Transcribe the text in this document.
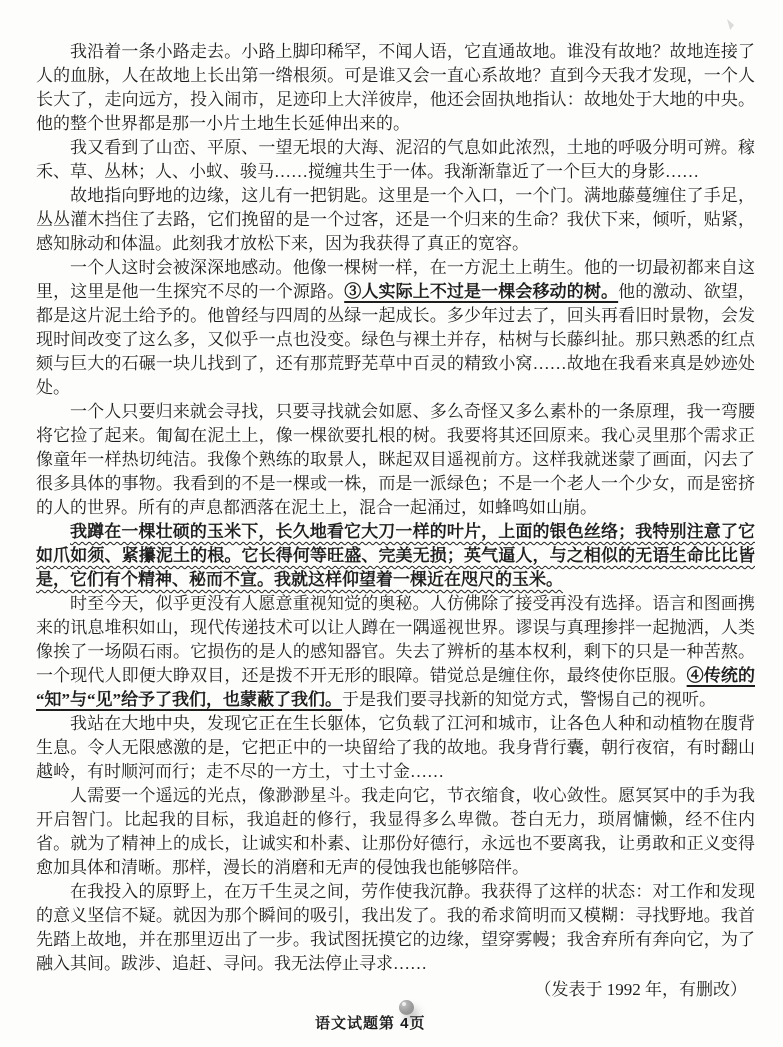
我沿着一条小路走去。小路上脚印稀罕，不闻人语，它直通故地。谁没有故地？故地连接了人的血脉，人在故地上长出第一绺根须。可是谁又会一直心系故地？直到今天我才发现，一个人长大了，走向远方，投入闹市，足迹印上大洋彼岸，他还会固执地指认：故地处于大地的中央。他的整个世界都是那一小片土地生长延伸出来的。

我又看到了山峦、平原、一望无垠的大海、泥沼的气息如此浓烈，土地的呼吸分明可辨。稼禾、草、丛林；人、小蚁、骏马……搅缠共生于一体。我渐渐靠近了一个巨大的身影……

故地指向野地的边缘，这儿有一把钥匙。这里是一个入口，一个门。满地藤蔓缠住了手足，丛丛灌木挡住了去路，它们挽留的是一个过客，还是一个归来的生命？我伏下来，倾听，贴紧，感知脉动和体温。此刻我才放松下来，因为我获得了真正的宽容。

一个人这时会被深深地感动。他像一棵树一样，在一方泥土上萌生。他的一切最初都来自这里，这里是他一生探究不尽的一个源路。③人实际上不过是一棵会移动的树。他的激动、欲望，都是这片泥土给予的。他曾经与四周的丛绿一起成长。多少年过去了，回头再看旧时景物，会发现时间改变了这么多，又似乎一点也没变。绿色与裸土并存，枯树与长藤纠扯。那只熟悉的红点颏与巨大的石碾一块儿找到了，还有那荒野芜草中百灵的精致小窝……故地在我看来真是妙迹处处。

一个人只要归来就会寻找，只要寻找就会如愿、多么奇怪又多么素朴的一条原理，我一弯腰将它捡了起来。匍匐在泥土上，像一棵欲要扎根的树。我要将其还回原来。我心灵里那个需求正像童年一样热切纯洁。我像个熟练的取景人，眯起双目遥视前方。这样我就迷蒙了画面，闪去了很多具体的事物。我看到的不是一棵或一株，而是一派绿色；不是一个老人一个少女，而是密挤的人的世界。所有的声息都洒落在泥土上，混合一起涌过，如蜂鸣如山崩。

我蹲在一棵壮硕的玉米下，长久地看它大刀一样的叶片，上面的银色丝络；我特别注意了它如爪如须、紧攥泥土的根。它长得何等旺盛、完美无损；英气逼人，与之相似的无语生命比比皆是，它们有个精神、秘而不宣。我就这样仰望着一棵近在咫尺的玉米。

时至今天，似乎更没有人愿意重视知觉的奥秘。人仿佛除了接受再没有选择。语言和图画携来的讯息堆积如山，现代传递技术可以让人蹲在一隅遥视世界。谬误与真理掺拌一起抛洒，人类像挨了一场陨石雨。它损伤的是人的感知器官。失去了辨析的基本权利，剩下的只是一种苦熬。一个现代人即便大睁双目，还是拨不开无形的眼障。错觉总是缠住你，最终使你臣服。④传统的“知”与“见”给予了我们，也蒙蔽了我们。于是我们要寻找新的知觉方式，警惕自己的视听。

我站在大地中央，发现它正在生长躯体，它负载了江河和城市，让各色人种和动植物在腹背生息。令人无限感激的是，它把正中的一块留给了我的故地。我身背行囊，朝行夜宿，有时翻山越岭，有时顺河而行；走不尽的一方土，寸土寸金……

人需要一个遥远的光点，像渺渺星斗。我走向它，节衣缩食，收心敛性。愿冥冥中的手为我开启智门。比起我的目标，我追赶的修行，我显得多么卑微。苍白无力，琐屑慵懒，经不住内省。就为了精神上的成长，让诚实和朴素、让那份好德行，永远也不要离我，让勇敢和正义变得愈加具体和清晰。那样，漫长的消磨和无声的侵蚀我也能够陪伴。

在我投入的原野上，在万千生灵之间，劳作使我沉静。我获得了这样的状态：对工作和发现的意义坚信不疑。就因为那个瞬间的吸引，我出发了。我的希求简明而又模糊：寻找野地。我首先踏上故地，并在那里迈出了一步。我试图抚摸它的边缘，望穿雾幔；我舍弃所有奔向它，为了融入其间。跋涉、追赶、寻问。我无法停止寻求……

（发表于 1992 年，有删改）
语文试题第 4页
